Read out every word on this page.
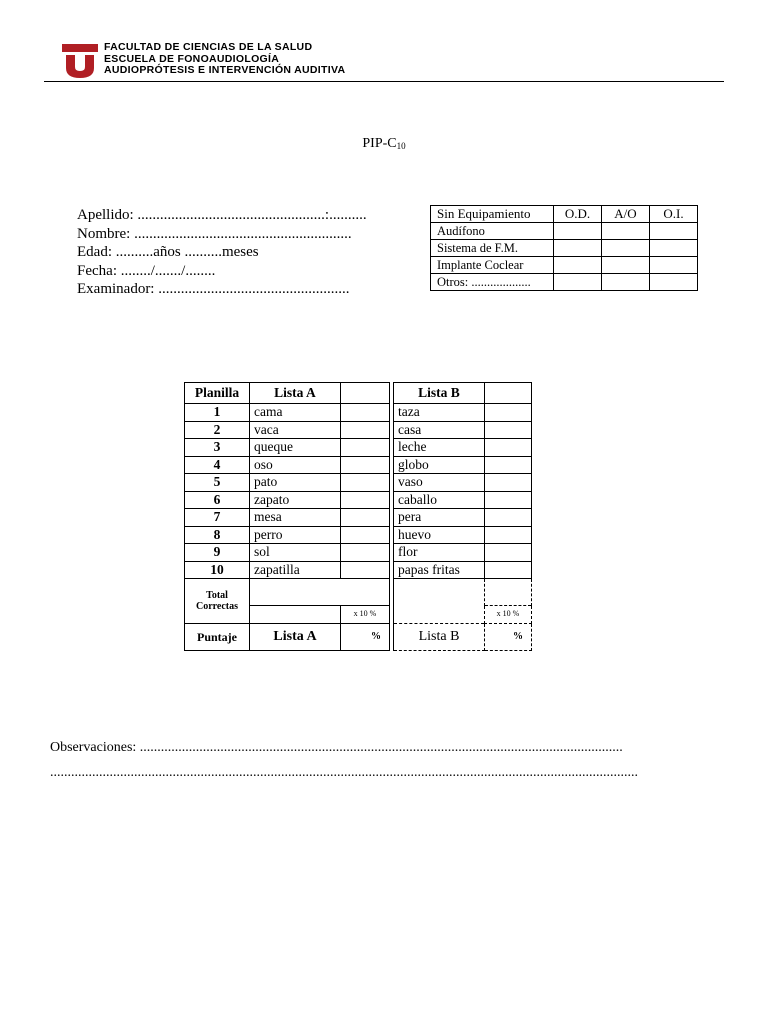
FACULTAD DE CIENCIAS DE LA SALUD
ESCUELA DE FONOAUDIOLOGÍA
AUDIOPRÓTESIS E INTERVENCIÓN AUDITIVA
PIP-$C_{10}$
Apellido: ..................................................:..........
Nombre: ..........................................................
Edad: ..........años ..........meses
Fecha: ......../......./........
Examinador: ...................................................
Sin Equipamiento	O.D.	A/O	O.I.
Audífono			
Sistema de F.M.			
Implante Coclear			
Otros: ...................			
Planilla	Lista A			Lista B	
1	cama			taza	
2	vaca			casa	
3	queque			leche	
4	oso			globo	
5	pato			vaso	
6	zapato			caballo	
7	mesa			pera	
8	perro			huevo	
9	sol			flor	
10	zapatilla			papas fritas	
Total
Correctas					
		x 10 %			x 10 %
Puntaje	Lista A	%		Lista B	%
Observaciones: ..........................................................................................................................................
........................................................................................................................................................................
